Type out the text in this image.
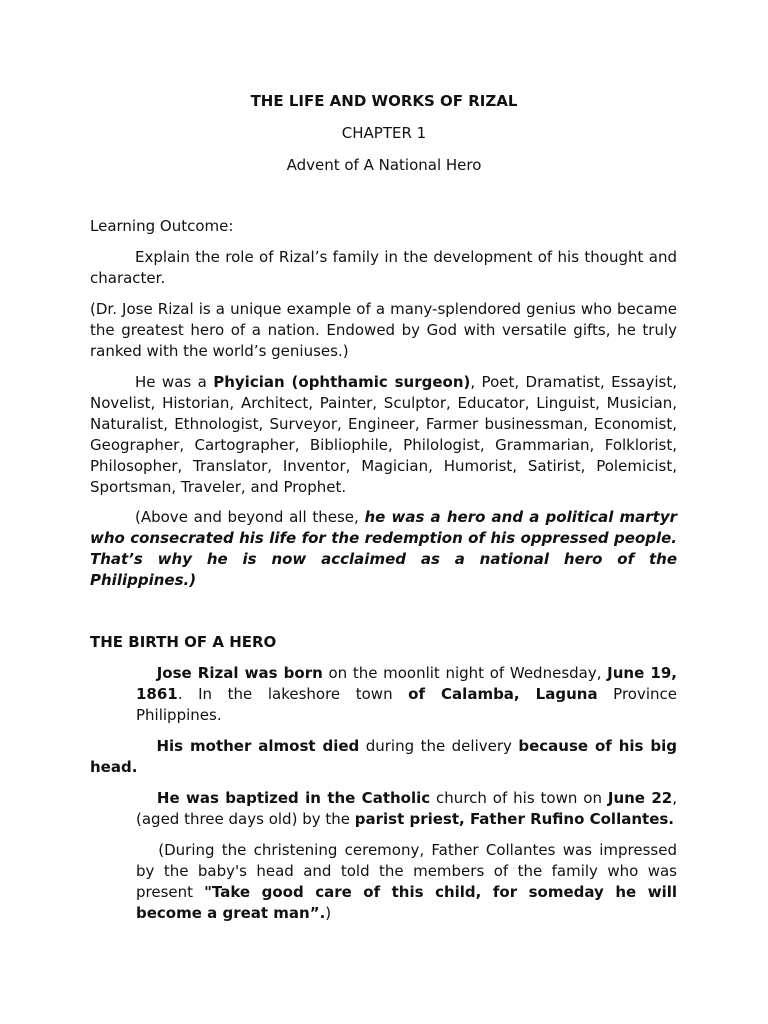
THE LIFE AND WORKS OF RIZAL

CHAPTER 1

Advent of A National Hero

Learning Outcome:

Explain the role of Rizal’s family in the development of his thought and character.

(Dr. Jose Rizal is a unique example of a many-splendored genius who became the greatest hero of a nation. Endowed by God with versatile gifts, he truly ranked with the world’s geniuses.)

He was a Phyician (ophthamic surgeon), Poet, Dramatist, Essayist, Novelist, Historian, Architect, Painter, Sculptor, Educator, Linguist, Musician, Naturalist, Ethnologist, Surveyor, Engineer, Farmer businessman, Economist, Geographer, Cartographer, Bibliophile, Philologist, Grammarian, Folklorist, Philosopher, Translator, Inventor, Magician, Humorist, Satirist, Polemicist, Sportsman, Traveler, and Prophet.

(Above and beyond all these, he was a hero and a political martyr who consecrated his life for the redemption of his oppressed people. That’s why he is now acclaimed as a national hero of the Philippines.)

THE BIRTH OF A HERO

Jose Rizal was born on the moonlit night of Wednesday, June 19, 1861. In the lakeshore town of Calamba, Laguna Province Philippines.

His mother almost died during the delivery because of his big head.

He was baptized in the Catholic church of his town on June 22, (aged three days old) by the parist priest, Father Rufino Collantes.

(During the christening ceremony, Father Collantes was impressed by the baby's head and told the members of the family who was present "Take good care of this child, for someday he will become a great man”.)
